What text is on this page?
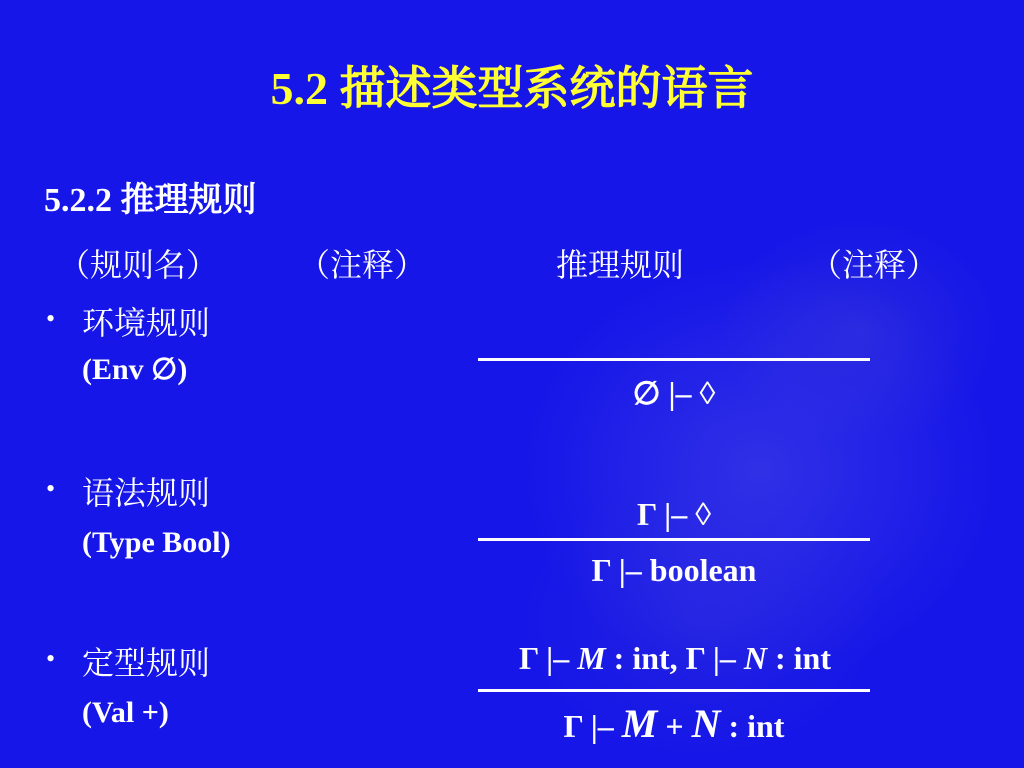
5.2 描述类型系统的语言
5.2.2 推理规则
（规则名） （注释）	推理规则	（注释）
• 环境规则
(Env ∅)
∅ |– ◊
• 语法规则
(Type Bool)
Γ |– ◊
Γ |– boolean
• 定型规则
(Val +)
Γ |– M : int, Γ |– N : int
Γ |– M + N : int
